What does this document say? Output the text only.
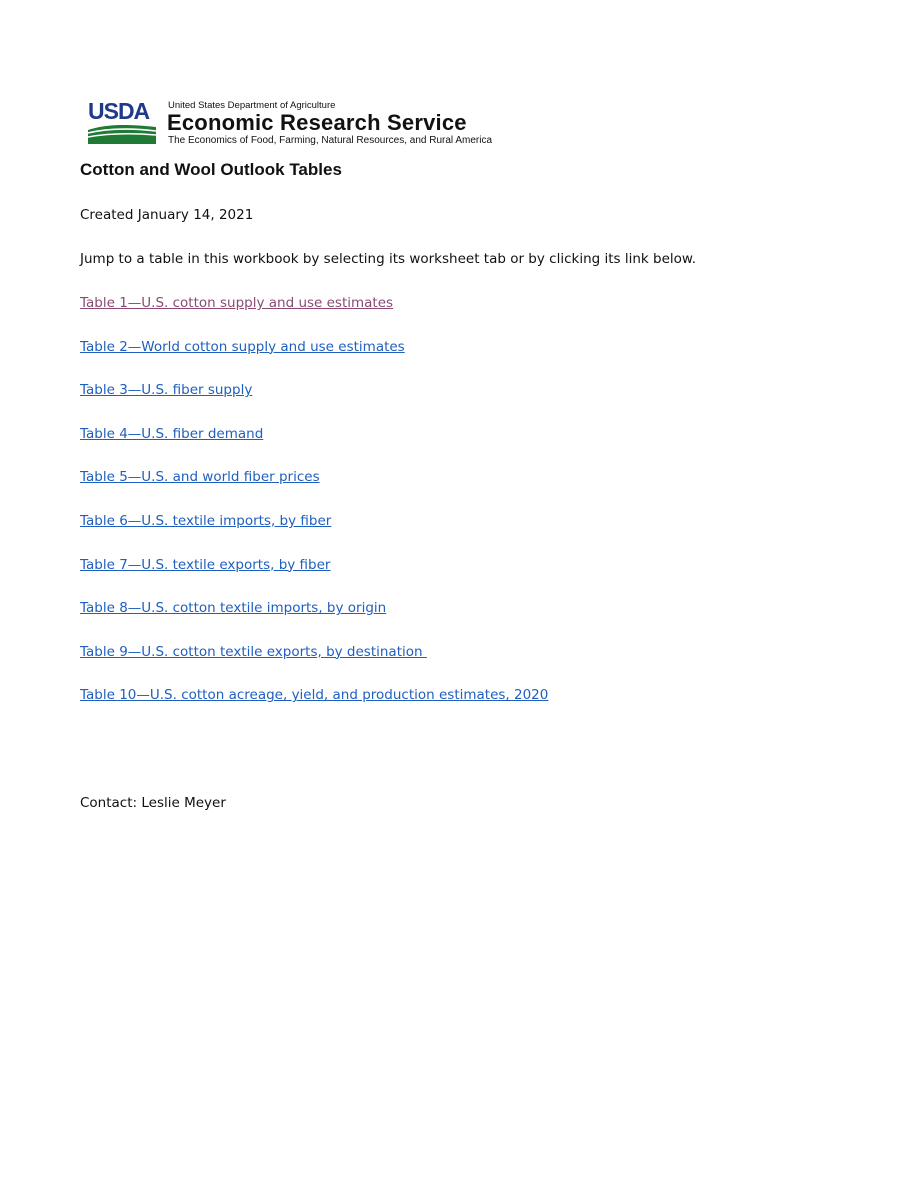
USDA	United States Department of Agriculture
Economic Research Service
The Economics of Food, Farming, Natural Resources, and Rural America
Cotton and Wool Outlook Tables
Created January 14, 2021
Jump to a table in this workbook by selecting its worksheet tab or by clicking its link below.
Table 1—U.S. cotton supply and use estimates
Table 2—World cotton supply and use estimates
Table 3—U.S. fiber supply
Table 4—U.S. fiber demand
Table 5—U.S. and world fiber prices
Table 6—U.S. textile imports, by fiber
Table 7—U.S. textile exports, by fiber
Table 8—U.S. cotton textile imports, by origin
Table 9—U.S. cotton textile exports, by destination
Table 10—U.S. cotton acreage, yield, and production estimates, 2020
Contact: Leslie Meyer
